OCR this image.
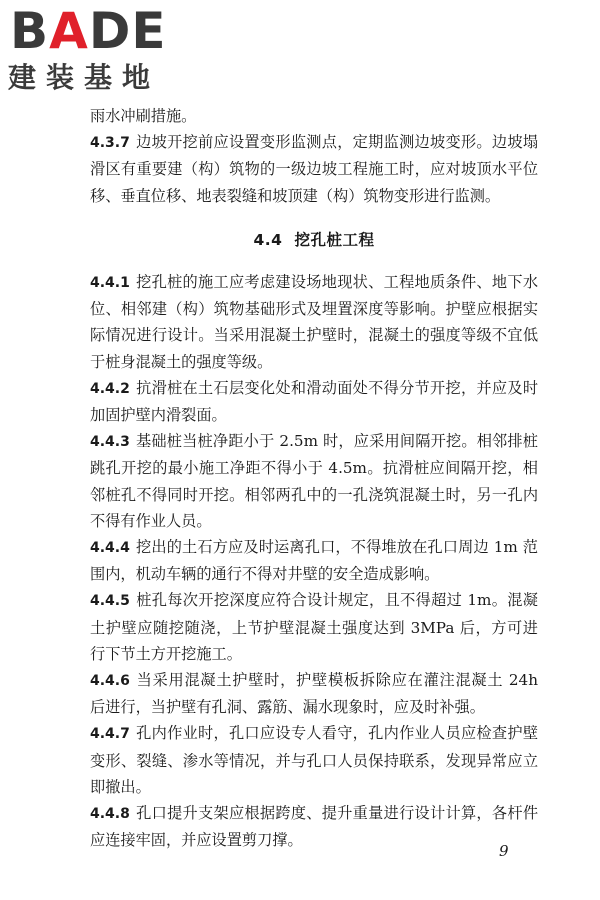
BADE
建装基地

雨水冲刷措施。

4.3.7 边坡开挖前应设置变形监测点，定期监测边坡变形。边坡塌滑区有重要建（构）筑物的一级边坡工程施工时，应对坡顶水平位移、垂直位移、地表裂缝和坡顶建（构）筑物变形进行监测。

4.4 挖孔桩工程

4.4.1 挖孔桩的施工应考虑建设场地现状、工程地质条件、地下水位、相邻建（构）筑物基础形式及埋置深度等影响。护壁应根据实际情况进行设计。当采用混凝土护壁时，混凝土的强度等级不宜低于桩身混凝土的强度等级。

4.4.2 抗滑桩在土石层变化处和滑动面处不得分节开挖，并应及时加固护壁内滑裂面。

4.4.3 基础桩当桩净距小于 2.5m 时，应采用间隔开挖。相邻排桩跳孔开挖的最小施工净距不得小于 4.5m。抗滑桩应间隔开挖，相邻桩孔不得同时开挖。相邻两孔中的一孔浇筑混凝土时，另一孔内不得有作业人员。

4.4.4 挖出的土石方应及时运离孔口，不得堆放在孔口周边 1m 范围内，机动车辆的通行不得对井壁的安全造成影响。

4.4.5 桩孔每次开挖深度应符合设计规定，且不得超过 1m。混凝土护壁应随挖随浇，上节护壁混凝土强度达到 3MPa 后，方可进行下节土方开挖施工。

4.4.6 当采用混凝土护壁时，护壁模板拆除应在灌注混凝土 24h 后进行，当护壁有孔洞、露筋、漏水现象时，应及时补强。

4.4.7 孔内作业时，孔口应设专人看守，孔内作业人员应检查护壁变形、裂缝、渗水等情况，并与孔口人员保持联系，发现异常应立即撤出。

4.4.8 孔口提升支架应根据跨度、提升重量进行设计计算，各杆件应连接牢固，并应设置剪刀撑。

9
